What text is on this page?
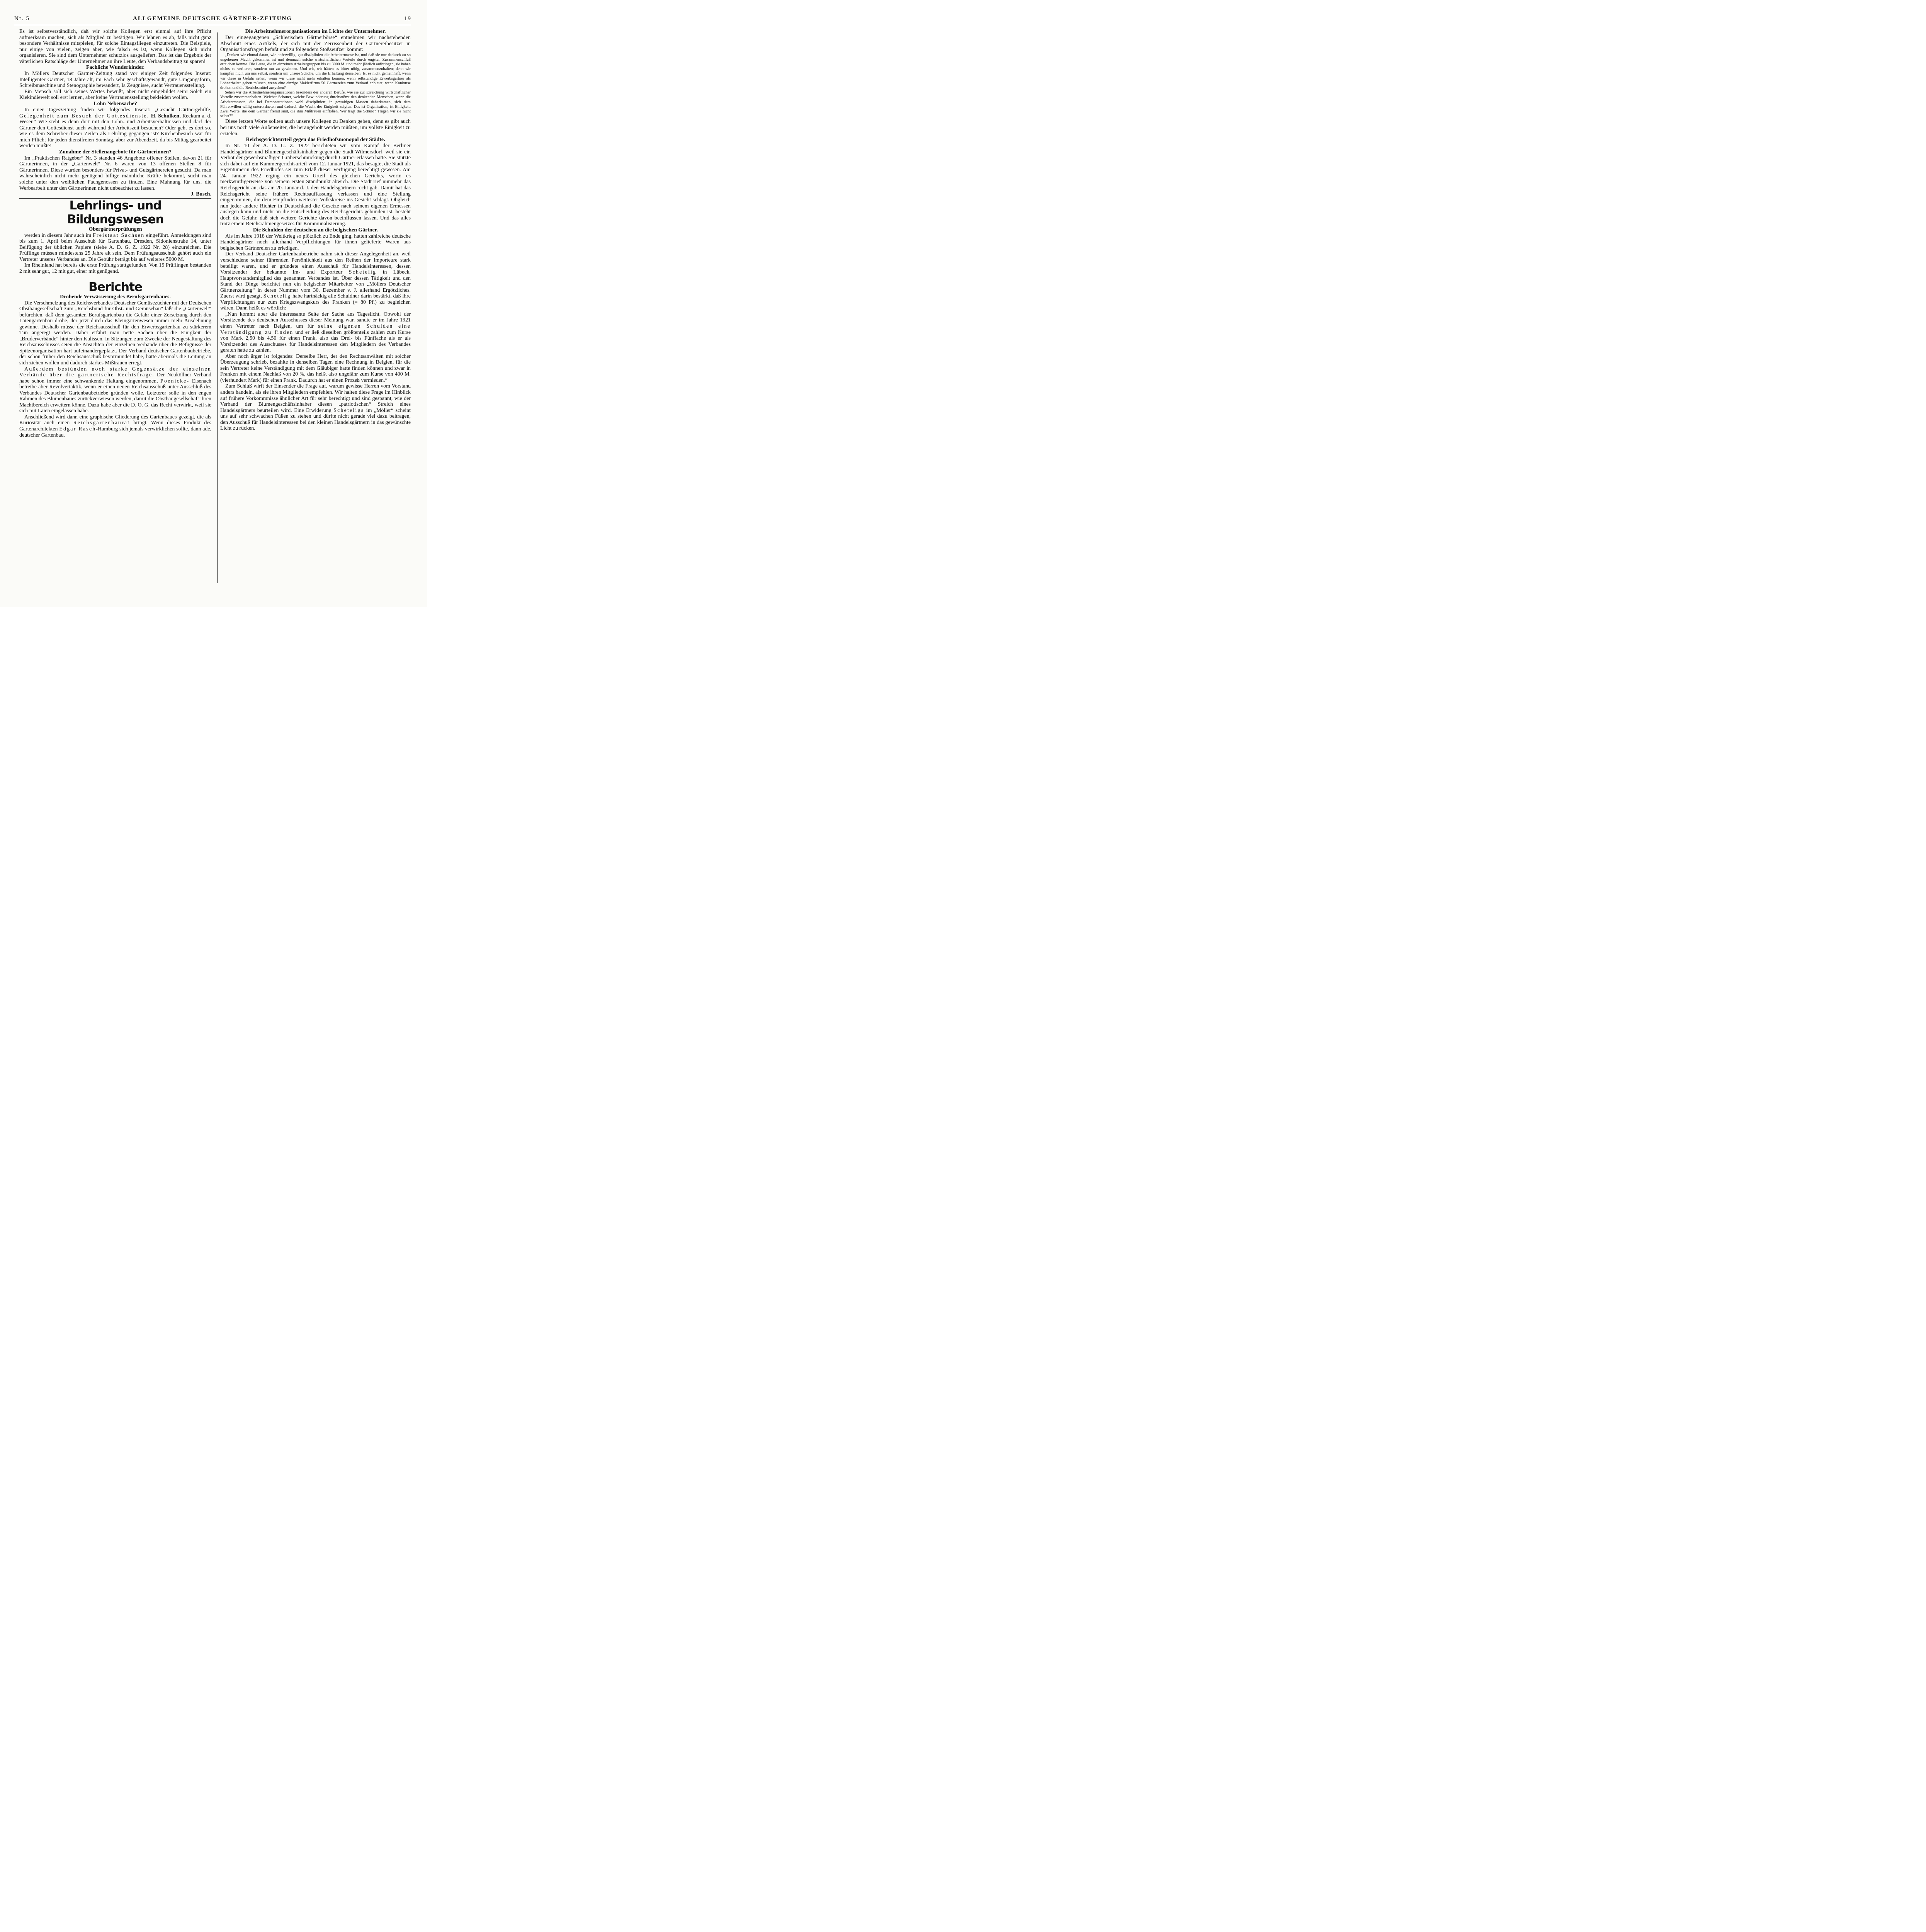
Nr. 5	ALLGEMEINE DEUTSCHE GÄRTNER-ZEITUNG	19

Es ist selbstverständlich, daß wir solche Kollegen erst einmal auf ihre Pflicht aufmerksam machen, sich als Mitglied zu betätigen. Wir lehnen es ab, falls nicht ganz besondere Verhältnisse mitspielen, für solche Eintagsfliegen einzutreten. Die Beispiele, nur einige von vielen, zeigen aber, wie falsch es ist, wenn Kollegen sich nicht organisieren. Sie sind dem Unternehmer schutzlos ausgeliefert. Das ist das Ergebnis der väterlichen Ratschläge der Unternehmer an ihre Leute, den Verbandsbeitrag zu sparen!

Fachliche Wunderkinder.

In Möllers Deutscher Gärtner-Zeitung stand vor einiger Zeit folgendes Inserat: Intelligenter Gärtner, 18 Jahre alt, im Fach sehr geschäftsgewandt, gute Umgangsform, Schreibmaschine und Stenographie bewandert, Ia Zeugnisse, sucht Vertrauensstellung.

Ein Mensch soll sich seines Wertes bewußt, aber nicht eingebildet sein! Solch ein Kiekindiewelt soll erst lernen, aber keine Vertrauensstellung bekleiden wollen.

Lohn Nebensache?

In einer Tageszeitung finden wir folgendes Inserat: „Gesucht Gärtnergehilfe, Gelegenheit zum Besuch der Gottesdienste. H. Schulken, Reckum a. d. Weser.“ Wie steht es denn dort mit den Lohn- und Arbeitsverhältnissen und darf der Gärtner den Gottesdienst auch während der Arbeitszeit besuchen? Oder geht es dort so, wie es dem Schreiber dieser Zeilen als Lehrling gegangen ist? Kirchenbesuch war für mich Pflicht für jeden dienstfreien Sonntag, aber zur Abendzeit, da bis Mittag gearbeitet werden mußte!

Zunahme der Stellenangebote für Gärtnerinnen?

Im „Praktischen Ratgeber“ Nr. 3 standen 46 Angebote offener Stellen, davon 21 für Gärtnerinnen, in der „Gartenwelt“ Nr. 6 waren von 13 offenen Stellen 8 für Gärtnerinnen. Diese wurden besonders für Privat- und Gutsgärtnereien gesucht. Da man wahrscheinlich nicht mehr genügend billige männliche Kräfte bekommt, sucht man solche unter den weiblichen Fachgenossen zu finden. Eine Mahnung für uns, die Werbearbeit unter den Gärtnerinnen nicht unbeachtet zu lassen.

J. Busch.

Lehrlings- und Bildungswesen
Obergärtnerprüfungen

werden in diesem Jahr auch im Freistaat Sachsen eingeführt. Anmeldungen sind bis zum 1. April beim Ausschuß für Gartenbau, Dresden, Sidonienstraße 14, unter Beifügung der üblichen Papiere (siehe A. D. G. Z. 1922 Nr. 28) einzureichen. Die Prüflinge müssen mindestens 25 Jahre alt sein. Dem Prüfungsausschuß gehört auch ein Vertreter unseres Verbandes an. Die Gebühr beträgt bis auf weiteres 5000 M.

Im Rheinland hat bereits die erste Prüfung stattgefunden. Von 15 Prüflingen bestanden 2 mit sehr gut, 12 mit gut, einer mit genügend.

Berichte
Drohende Verwässerung des Berufsgartenbaues.

Die Verschmelzung des Reichsverbandes Deutscher Gemüsezüchter mit der Deutschen Obstbaugesellschaft zum „Reichsbund für Obst- und Gemüsebau“ läßt die „Gartenwelt“ befürchten, daß dem gesamten Berufsgartenbau die Gefahr einer Zersetzung durch den Laiengartenbau drohe, der jetzt durch das Kleingartenwesen immer mehr Ausdehnung gewinne. Deshalb müsse der Reichsausschuß für den Erwerbsgartenbau zu stärkerem Tun angeregt werden. Dabei erfährt man nette Sachen über die Einigkeit der „Bruderverbände“ hinter den Kulissen. In Sitzungen zum Zwecke der Neugestaltung des Reichsausschusses seien die Ansichten der einzelnen Verbände über die Befugnisse der Spitzenorganisation hart aufeinandergeplatzt. Der Verband deutscher Gartenbaubetriebe, der schon früher den Reichsausschuß bevormundet habe, hätte abermals die Leitung an sich ziehen wollen und dadurch starkes Mißtrauen erregt.

Außerdem bestünden noch starke Gegensätze der einzelnen Verbände über die gärtnerische Rechtsfrage. Der Neuköllner Verband habe schon immer eine schwankende Haltung eingenommen, Poenicke- Eisenach betreibe aber Revolvertaktik, wenn er einen neuen Reichsausschuß unter Ausschluß des Verbandes Deutscher Gartenbaubetriebe gründen wolle. Letzterer solle in den engen Rahmen des Blumenbaues zurückverwiesen werden, damit die Obstbaugesellschaft ihren Machtbereich erweitern könne. Dazu habe aber die D. O. G. das Recht verwirkt, weil sie sich mit Laien eingelassen habe.

Anschließend wird dann eine graphische Gliederung des Gartenbaues gezeigt, die als Kuriosität auch einen Reichsgartenbaurat bringt. Wenn dieses Produkt des Gartenarchitekten Edgar Rasch-Hamburg sich jemals verwirklichen sollte, dann ade, deutscher Gartenbau.

Die Arbeitnehmerorganisationen im Lichte der Unternehmer.

Der eingegangenen „Schlesischen Gärtnerbörse“ entnehmen wir nachstehenden Abschnitt eines Artikels, der sich mit der Zerrissenheit der Gärtnereibesitzer in Organisationsfragen befaßt und zu folgendem Stoßseufzer kommt:

„Denken wir einmal daran, wie opferwillig, gut diszipliniert die Arbeitermasse ist, und daß sie nur dadurch zu so ungeheurer Macht gekommen ist und demnach solche wirtschaftlichen Vorteile durch engsten Zusammenschluß erreichen konnte. Die Leute, die in einzelnen Arbeitergruppen bis zu 3000 M. und mehr jährlich aufbringen, sie haben nichts zu verlieren, sondern nur zu gewinnen. Und wir, wir hätten es bitter nötig, zusammenzuhalten; denn wir kämpfen nicht um uns selbst, sondern um unsere Scholle, um die Erhaltung derselben. Ist es nicht gemeinhaft, wenn wir diese in Gefahr sehen, wenn wir diese nicht mehr erhalten können, wenn selbständige Erwerbsgärtner als Lohnarbeiter gehen müssen, wenn eine einzige Maklerfirma 50 Gärtnereien zum Verkauf anbietet, wenn Konkurse drohen und die Betriebsmittel ausgehen?

Sehen wir die Arbeitnehmerorganisationen besonders der anderen Berufe, wie sie zur Erreichung wirtschaftlicher Vorteile zusammenhalten. Welcher Schauer, welche Bewunderung durchströmt den denkenden Menschen, wenn die Arbeitermassen, die bei Demonstrationen wohl diszipliniert, in gewaltigen Massen daherkamen, sich dem Führerwillen willig unterordneten und dadurch die Wucht der Einigkeit zeigten. Das ist Organisation, ist Einigkeit. Zwei Worte, die dem Gärtner fremd sind, die ihm Mißtrauen einflößen. Wer trägt die Schuld? Tragen wir sie nicht selbst?“

Diese letzten Worte sollten auch unsere Kollegen zu Denken geben, denn es gibt auch bei uns noch viele Außenseiter, die herangeholt werden müßten, um vollste Einigkeit zu erzielen.

Reichsgerichtsurteil gegen das Friedhofsmonopol der Städte.

In Nr. 10 der A. D. G. Z. 1922 berichteten wir vom Kampf der Berliner Handelsgärtner und Blumengeschäftsinhaber gegen die Stadt Wilmersdorf, weil sie ein Verbot der gewerbsmäßigen Gräberschmückung durch Gärtner erlassen hatte. Sie stützte sich dabei auf ein Kammergerichtsurteil vom 12. Januar 1921, das besagte, die Stadt als Eigentümerin des Friedhofes sei zum Erlaß dieser Verfügung berechtigt gewesen. Am 24. Januar 1922 erging ein neues Urteil des gleichen Gerichts, worin es merkwürdigerweise von seinem ersten Standpunkt abwich. Die Stadt rief nunmehr das Reichsgericht an, das am 20. Januar d. J. den Handelsgärtnern recht gab. Damit hat das Reichsgericht seine frühere Rechtsauffassung verlassen und eine Stellung eingenommen, die dem Empfinden weitester Volkskreise ins Gesicht schlägt. Obgleich nun jeder andere Richter in Deutschland die Gesetze nach seinem eigenen Ermessen auslegen kann und nicht an die Entscheidung des Reichsgerichts gebunden ist, besteht doch die Gefahr, daß sich weitere Gerichte davon beeinflussen lassen. Und das alles trotz einem Reichsrahmengesetzes für Kommunalisierung.

Die Schulden der deutschen an die belgischen Gärtner.

Als im Jahre 1918 der Weltkrieg so plötzlich zu Ende ging, hatten zahlreiche deutsche Handelsgärtner noch allerhand Verpflichtungen für ihnen gelieferte Waren aus belgischen Gärtnereien zu erledigen.

Der Verband Deutscher Gartenbaubetriebe nahm sich dieser Angelegenheit an, weil verschiedene seiner führenden Persönlichkeit aus den Reihen der Importeure stark beteiligt waren, und er gründete einen Ausschuß für Handelsinteressen, dessen Vorsitzender der bekannte Im- und Exporteur Schetelig in Lübeck, Hauptvorstandsmitglied des genannten Verbandes ist. Über dessen Tätigkeit und den Stand der Dinge berichtet nun ein belgischer Mitarbeiter von „Möllers Deutscher Gärtnerzeitung“ in deren Nummer vom 30. Dezember v. J. allerhand Ergötzliches. Zuerst wird gesagt, Schetelig habe hartnäckig alle Schuldner darin bestärkt, daß ihre Verpflichtungen nur zum Kriegszwangskurs des Franken (= 80 Pf.) zu begleichen wären. Dann heißt es wörtlich:

„Nun kommt aber die interessante Seite der Sache ans Tageslicht. Obwohl der Vorsitzende des deutschen Ausschusses dieser Meinung war, sandte er im Jahre 1921 einen Vertreter nach Belgien, um für seine eigenen Schulden eine Verständigung zu finden und er ließ dieselben größtenteils zahlen zum Kurse von Mark 2,50 bis 4,50 für einen Frank, also das Drei- bis Fünffache als er als Vorsitzender des Ausschusses für Handelsinteressen den Mitgliedern des Verbandes geraten hatte zu zahlen.

Aber noch ärger ist folgendes: Derselbe Herr, der den Rechtsanwälten mit solcher Überzeugung schrieb, bezahlte in denselben Tagen eine Rechnung in Belgien, für die sein Vertreter keine Verständigung mit dem Gläubiger hatte finden können und zwar in Franken mit einem Nachlaß von 20 %, das heißt also ungefähr zum Kurse von 400 M. (vierhundert Mark) für einen Frank. Dadurch hat er einen Prozeß vermieden.“

Zum Schluß wirft der Einsender die Frage auf, warum gewisse Herren vom Vorstand anders handeln, als sie ihren Mitgliedern empfehlen. Wir halten diese Frage im Hinblick auf frühere Vorkommnisse ähnlicher Art für sehr berechtigt und sind gespannt, wie der Verband der Blumengeschäftsinhaber diesen „patriotischen“ Streich eines Handelsgärtners beurteilen wird. Eine Erwiderung Scheteligs im „Möller“ scheint uns auf sehr schwachen Füßen zu stehen und dürfte nicht gerade viel dazu beitragen, den Ausschuß für Handelsinteressen bei den kleinen Handelsgärtnern in das gewünschte Licht zu rücken.
